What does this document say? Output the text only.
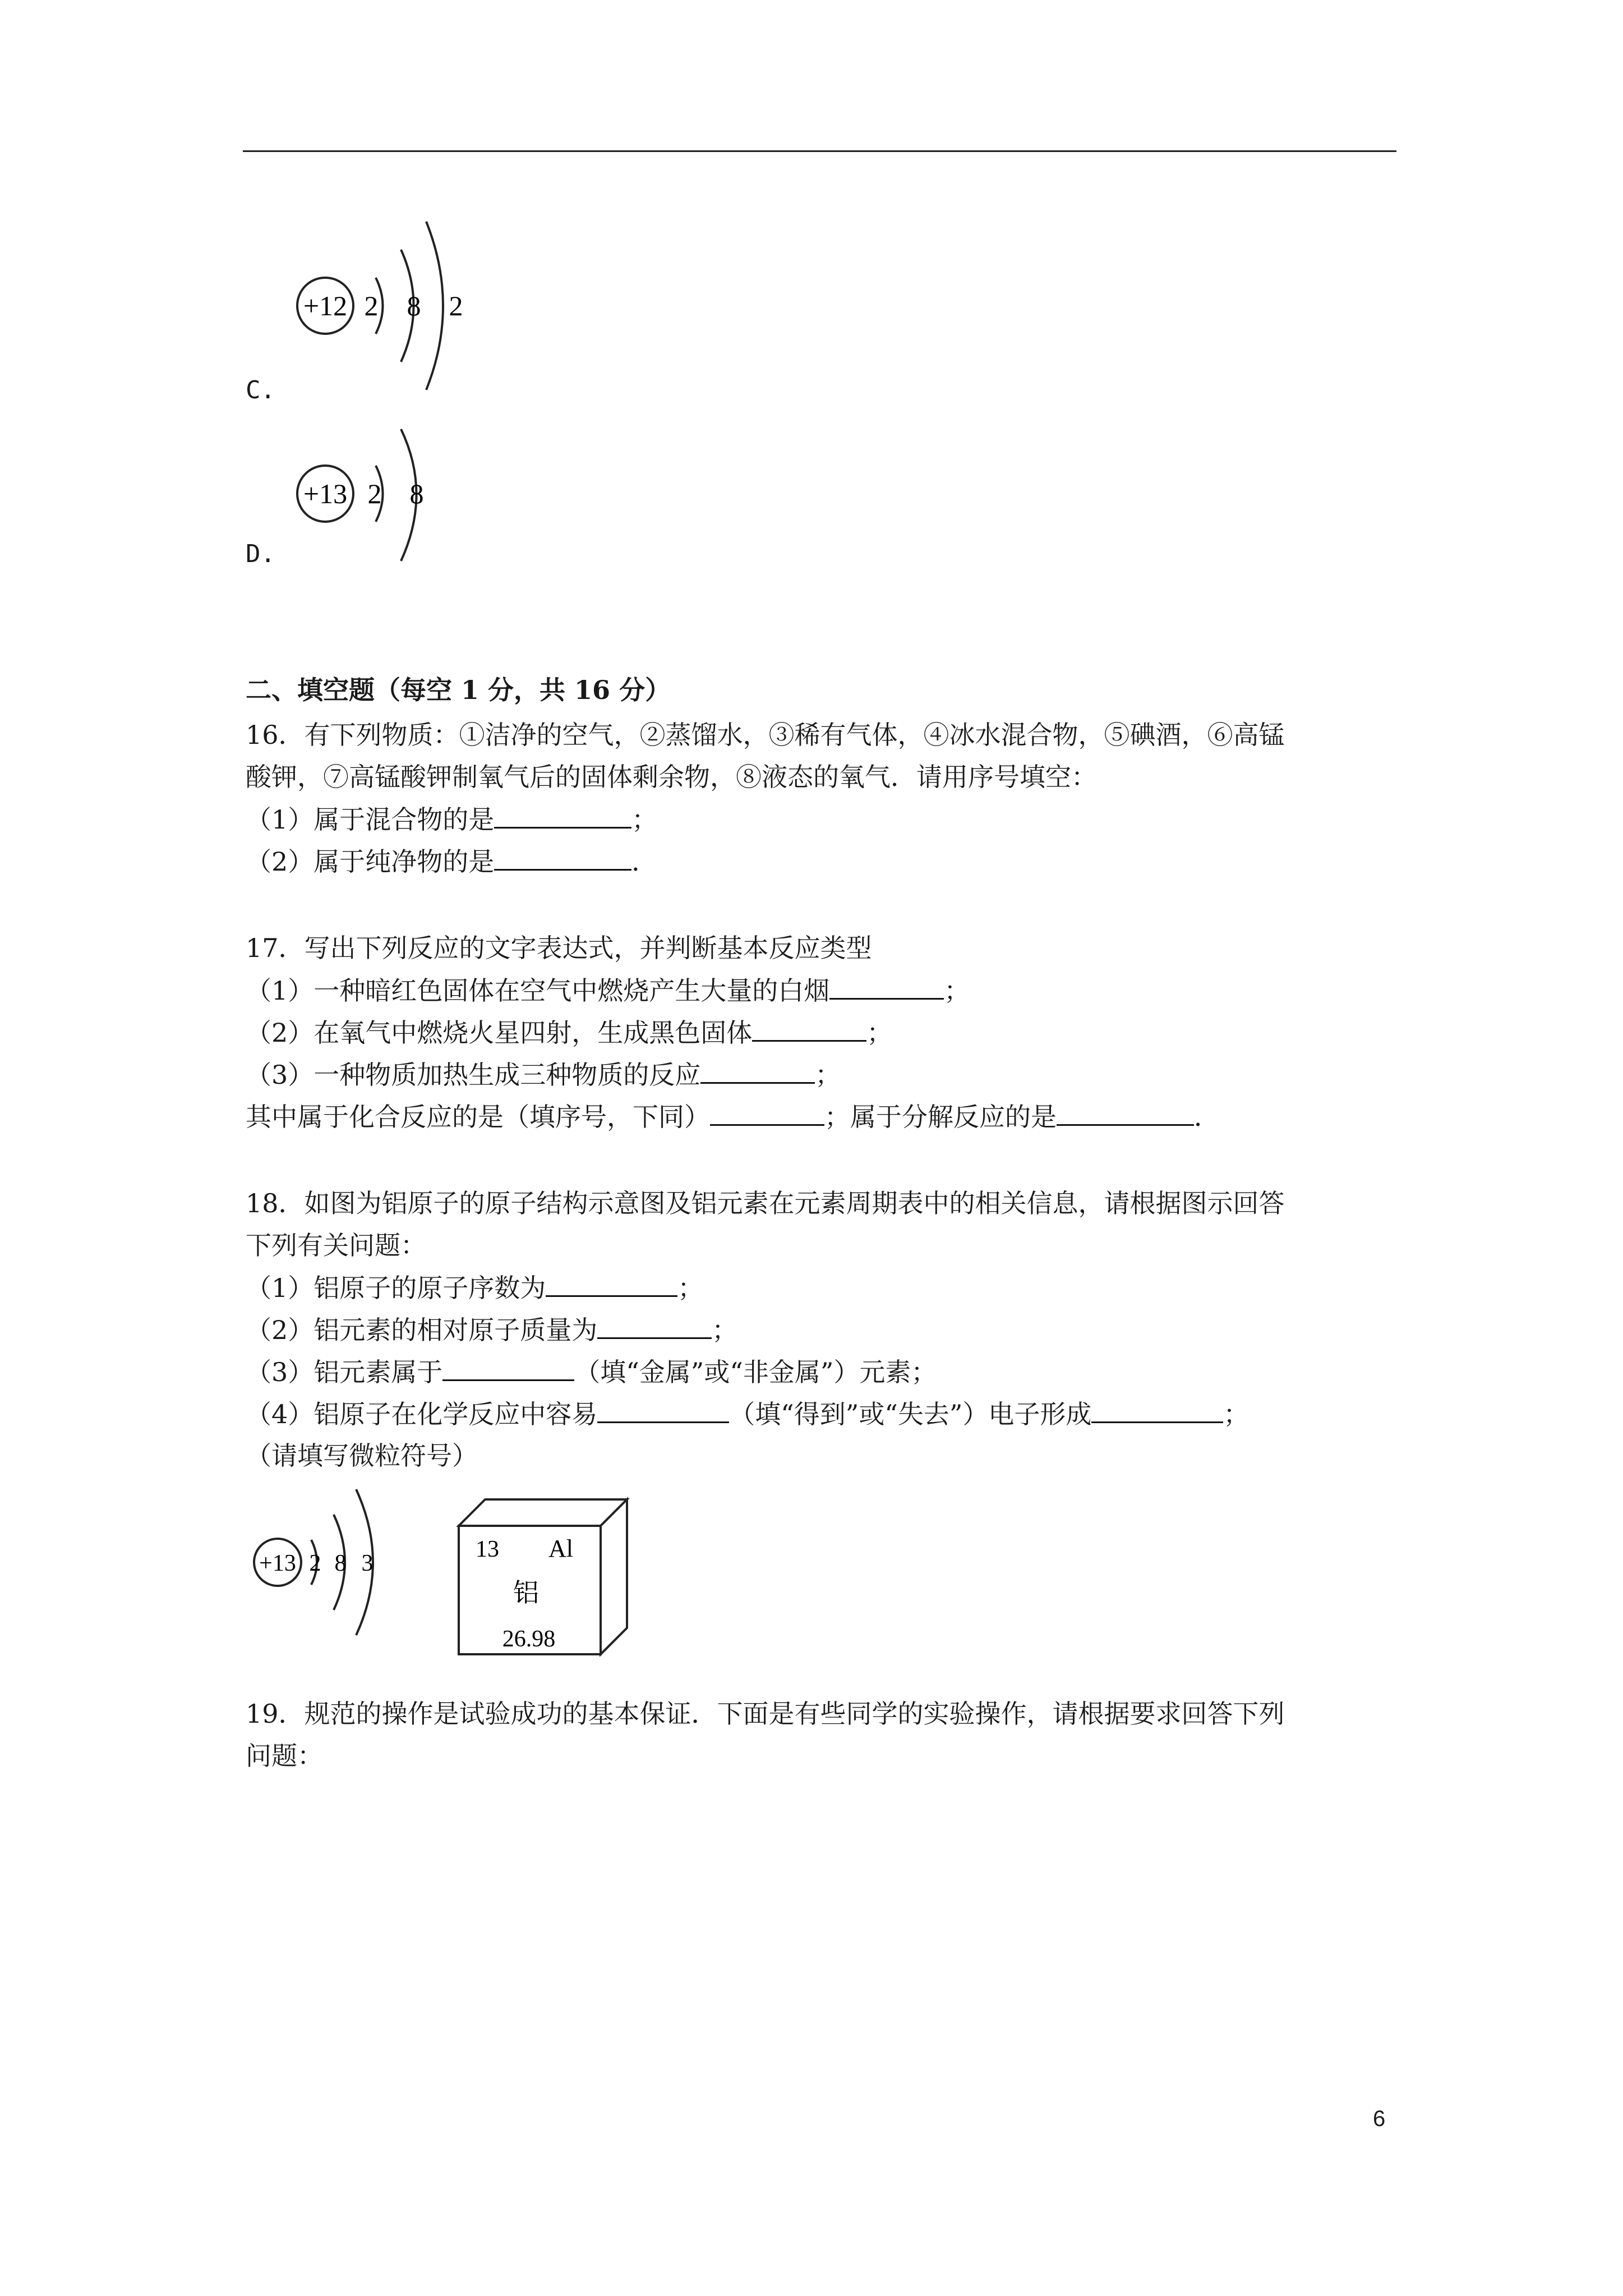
+12 2 8 2
C.
+13 2 8
D.
二、填空题（每空 1 分，共 16 分）
16．有下列物质：①洁净的空气，②蒸馏水，③稀有气体，④冰水混合物，⑤碘酒，⑥高锰
酸钾，⑦高锰酸钾制氧气后的固体剩余物，⑧液态的氧气．请用序号填空：
（1）属于混合物的是	；
（2）属于纯净物的是	．
17．写出下列反应的文字表达式，并判断基本反应类型
（1）一种暗红色固体在空气中燃烧产生大量的白烟	；
（2）在氧气中燃烧火星四射，生成黑色固体	；
（3）一种物质加热生成三种物质的反应	；
其中属于化合反应的是（填序号，下同）	；属于分解反应的是	．
18．如图为铝原子的原子结构示意图及铝元素在元素周期表中的相关信息，请根据图示回答
下列有关问题：
（1）铝原子的原子序数为	；
（2）铝元素的相对原子质量为	；
（3）铝元素属于	（填“金属”或“非金属”）元素；
（4）铝原子在化学反应中容易	（填“得到”或“失去”）电子形成	；
（请填写微粒符号）
+13 2 8 3
13 Al
铝
26.98
19．规范的操作是试验成功的基本保证．下面是有些同学的实验操作，请根据要求回答下列
问题：
6
